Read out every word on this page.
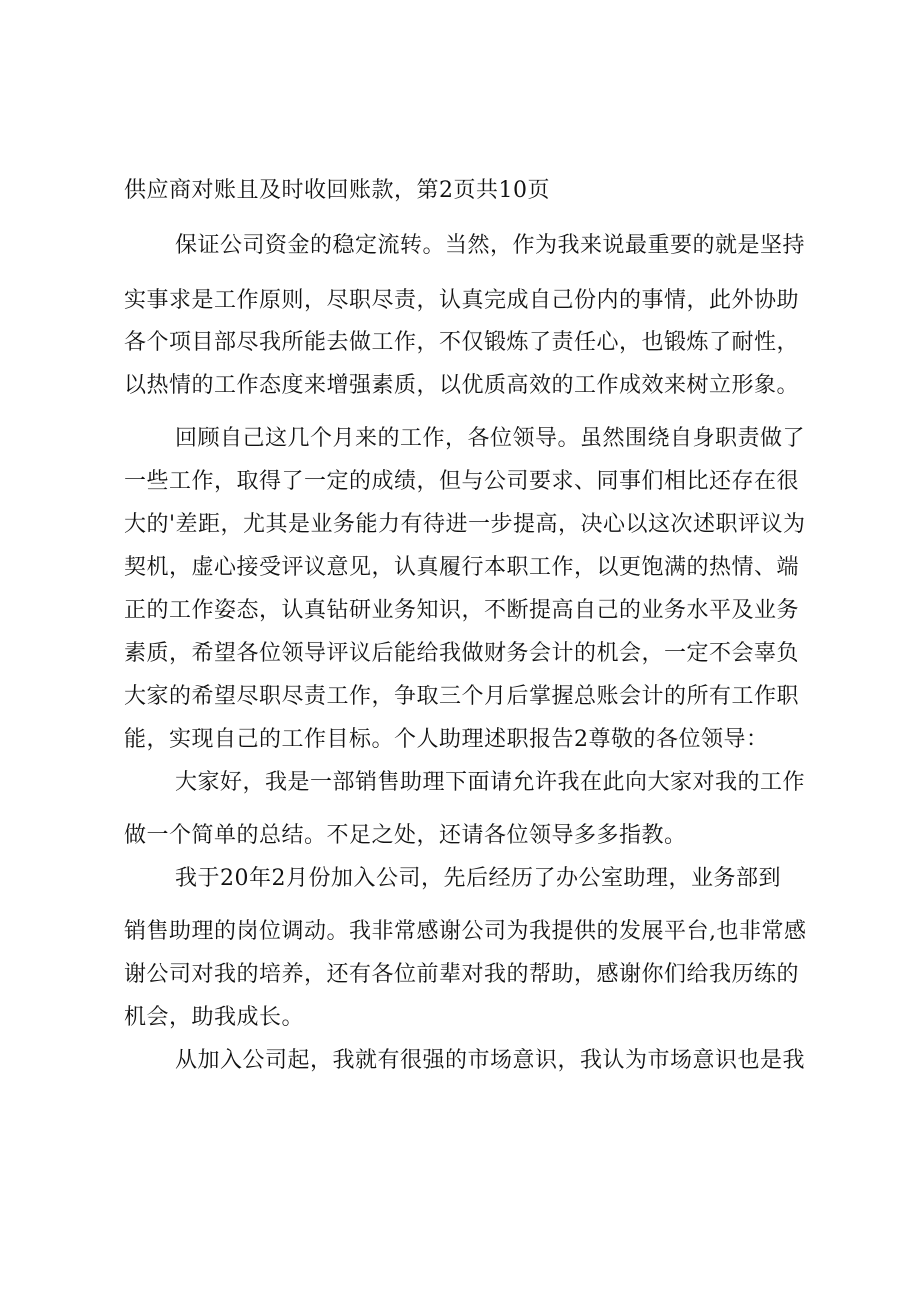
供应商对账且及时收回账款，第2页共10页
保证公司资金的稳定流转。当然，作为我来说最重要的就是坚持
实事求是工作原则，尽职尽责，认真完成自己份内的事情，此外协助
各个项目部尽我所能去做工作，不仅锻炼了责任心，也锻炼了耐性，
以热情的工作态度来增强素质，以优质高效的工作成效来树立形象。
回顾自己这几个月来的工作，各位领导。虽然围绕自身职责做了
一些工作，取得了一定的成绩，但与公司要求、同事们相比还存在很
大的'差距，尤其是业务能力有待进一步提高，决心以这次述职评议为
契机，虚心接受评议意见，认真履行本职工作，以更饱满的热情、端
正的工作姿态，认真钻研业务知识，不断提高自己的业务水平及业务
素质，希望各位领导评议后能给我做财务会计的机会，一定不会辜负
大家的希望尽职尽责工作，争取三个月后掌握总账会计的所有工作职
能，实现自己的工作目标。个人助理述职报告2尊敬的各位领导：
大家好，我是一部销售助理下面请允许我在此向大家对我的工作
做一个简单的总结。不足之处，还请各位领导多多指教。
我于20年2月份加入公司，先后经历了办公室助理，业务部到
销售助理的岗位调动。我非常感谢公司为我提供的发展平台,也非常感
谢公司对我的培养，还有各位前辈对我的帮助，感谢你们给我历练的
机会，助我成长。
从加入公司起，我就有很强的市场意识，我认为市场意识也是我
